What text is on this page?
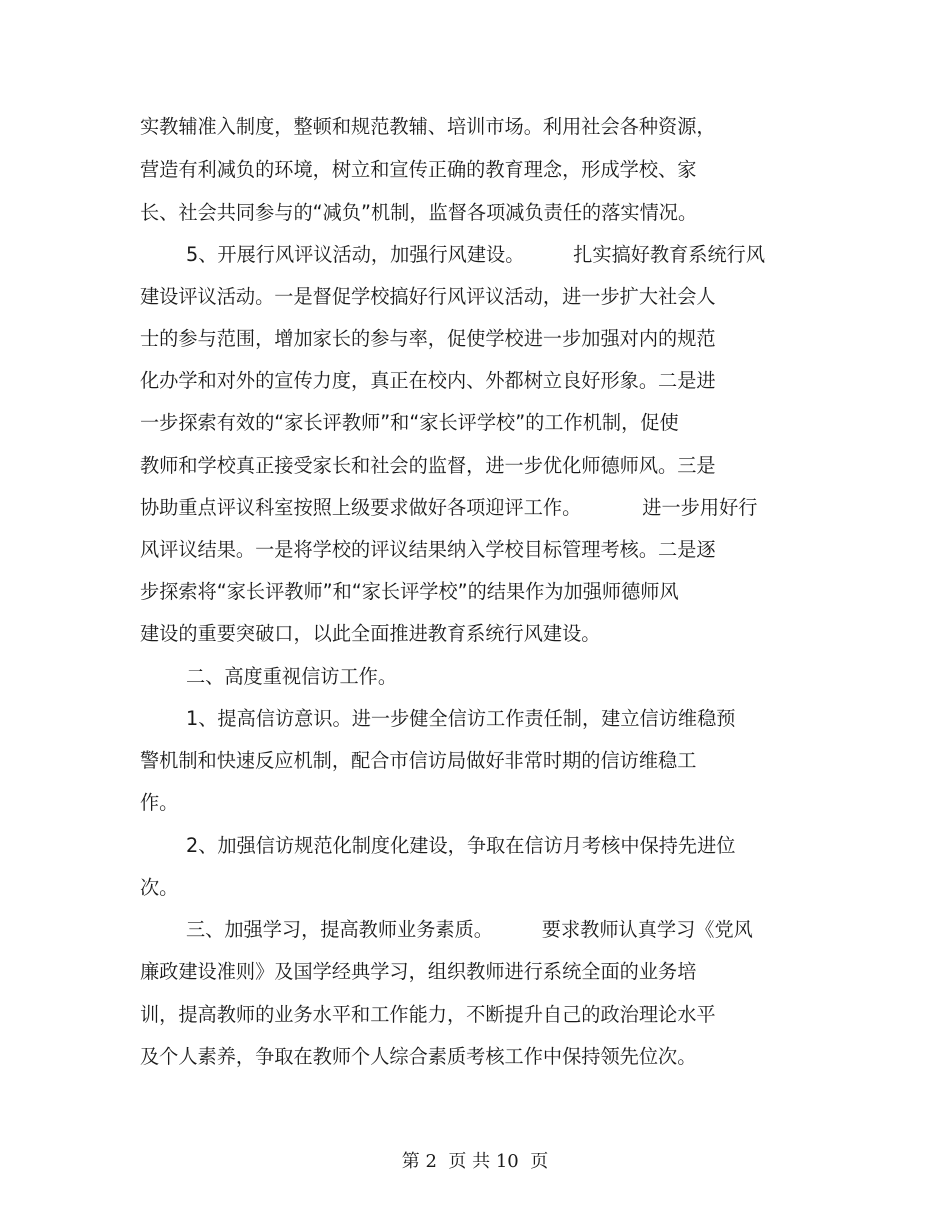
实教辅准入制度，整顿和规范教辅、培训市场。利用社会各种资源，
营造有利减负的环境，树立和宣传正确的教育理念，形成学校、家
长、社会共同参与的“减负”机制，监督各项减负责任的落实情况。
5、开展行风评议活动，加强行风建设。        扎实搞好教育系统行风
建设评议活动。一是督促学校搞好行风评议活动，进一步扩大社会人
士的参与范围，增加家长的参与率，促使学校进一步加强对内的规范
化办学和对外的宣传力度，真正在校内、外都树立良好形象。二是进
一步探索有效的“家长评教师”和“家长评学校”的工作机制，促使
教师和学校真正接受家长和社会的监督，进一步优化师德师风。三是
协助重点评议科室按照上级要求做好各项迎评工作。          进一步用好行
风评议结果。一是将学校的评议结果纳入学校目标管理考核。二是逐
步探索将“家长评教师”和“家长评学校”的结果作为加强师德师风
建设的重要突破口，以此全面推进教育系统行风建设。
二、高度重视信访工作。
1、提高信访意识。进一步健全信访工作责任制，建立信访维稳预
警机制和快速反应机制，配合市信访局做好非常时期的信访维稳工
作。
2、加强信访规范化制度化建设，争取在信访月考核中保持先进位
次。
三、加强学习，提高教师业务素质。        要求教师认真学习《党风
廉政建设准则》及国学经典学习，组织教师进行系统全面的业务培
训，提高教师的业务水平和工作能力，不断提升自己的政治理论水平
及个人素养，争取在教师个人综合素质考核工作中保持领先位次。
第 2  页 共 10  页
